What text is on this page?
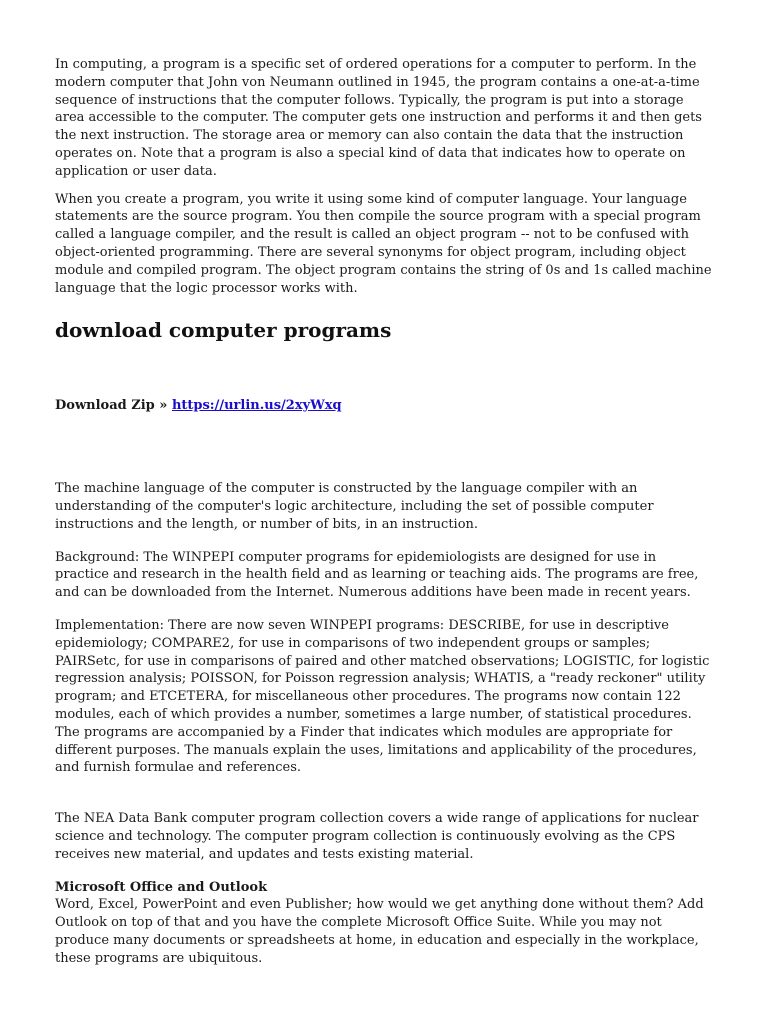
In computing, a program is a specific set of ordered operations for a computer to perform. In the modern computer that John von Neumann outlined in 1945, the program contains a one-at-a-time sequence of instructions that the computer follows. Typically, the program is put into a storage area accessible to the computer. The computer gets one instruction and performs it and then gets the next instruction. The storage area or memory can also contain the data that the instruction operates on. Note that a program is also a special kind of data that indicates how to operate on application or user data.

When you create a program, you write it using some kind of computer language. Your language statements are the source program. You then compile the source program with a special program called a language compiler, and the result is called an object program -- not to be confused with object-oriented programming. There are several synonyms for object program, including object module and compiled program. The object program contains the string of 0s and 1s called machine language that the logic processor works with.

download computer programs
Download Zip » https://urlin.us/2xyWxq

The machine language of the computer is constructed by the language compiler with an understanding of the computer's logic architecture, including the set of possible computer instructions and the length, or number of bits, in an instruction.

Background: The WINPEPI computer programs for epidemiologists are designed for use in practice and research in the health field and as learning or teaching aids. The programs are free, and can be downloaded from the Internet. Numerous additions have been made in recent years.

Implementation: There are now seven WINPEPI programs: DESCRIBE, for use in descriptive epidemiology; COMPARE2, for use in comparisons of two independent groups or samples; PAIRSetc, for use in comparisons of paired and other matched observations; LOGISTIC, for logistic regression analysis; POISSON, for Poisson regression analysis; WHATIS, a "ready reckoner" utility program; and ETCETERA, for miscellaneous other procedures. The programs now contain 122 modules, each of which provides a number, sometimes a large number, of statistical procedures. The programs are accompanied by a Finder that indicates which modules are appropriate for different purposes. The manuals explain the uses, limitations and applicability of the procedures, and furnish formulae and references.

The NEA Data Bank computer program collection covers a wide range of applications for nuclear science and technology. The computer program collection is continuously evolving as the CPS receives new material, and updates and tests existing material.

Microsoft Office and Outlook

Word, Excel, PowerPoint and even Publisher; how would we get anything done without them? Add Outlook on top of that and you have the complete Microsoft Office Suite. While you may not produce many documents or spreadsheets at home, in education and especially in the workplace, these programs are ubiquitous.
